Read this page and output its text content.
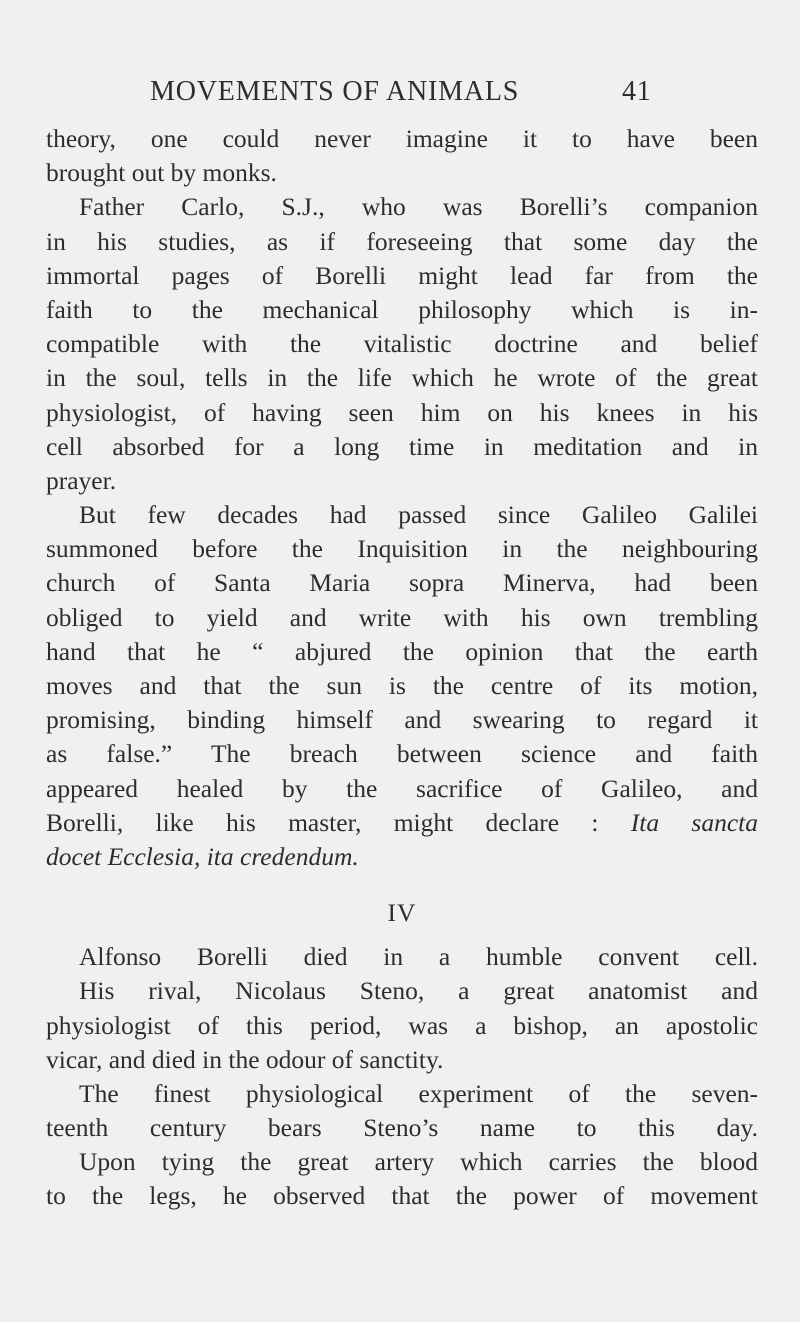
MOVEMENTS OF ANIMALS	41
theory, one could never imagine it to have been
brought out by monks.
Father Carlo, S.J., who was Borelli’s companion
in his studies, as if foreseeing that some day the
immortal pages of Borelli might lead far from the
faith to the mechanical philosophy which is in-
compatible with the vitalistic doctrine and belief
in the soul, tells in the life which he wrote of the great
physiologist, of having seen him on his knees in his
cell absorbed for a long time in meditation and in
prayer.
But few decades had passed since Galileo Galilei
summoned before the Inquisition in the neighbouring
church of Santa Maria sopra Minerva, had been
obliged to yield and write with his own trembling
hand that he “ abjured the opinion that the earth
moves and that the sun is the centre of its motion,
promising, binding himself and swearing to regard it
as false.” The breach between science and faith
appeared healed by the sacrifice of Galileo, and
Borelli, like his master, might declare : Ita sancta
docet Ecclesia, ita credendum.
IV
Alfonso Borelli died in a humble convent cell.
His rival, Nicolaus Steno, a great anatomist and
physiologist of this period, was a bishop, an apostolic
vicar, and died in the odour of sanctity.
The finest physiological experiment of the seven-
teenth century bears Steno’s name to this day.
Upon tying the great artery which carries the blood
to the legs, he observed that the power of movement
